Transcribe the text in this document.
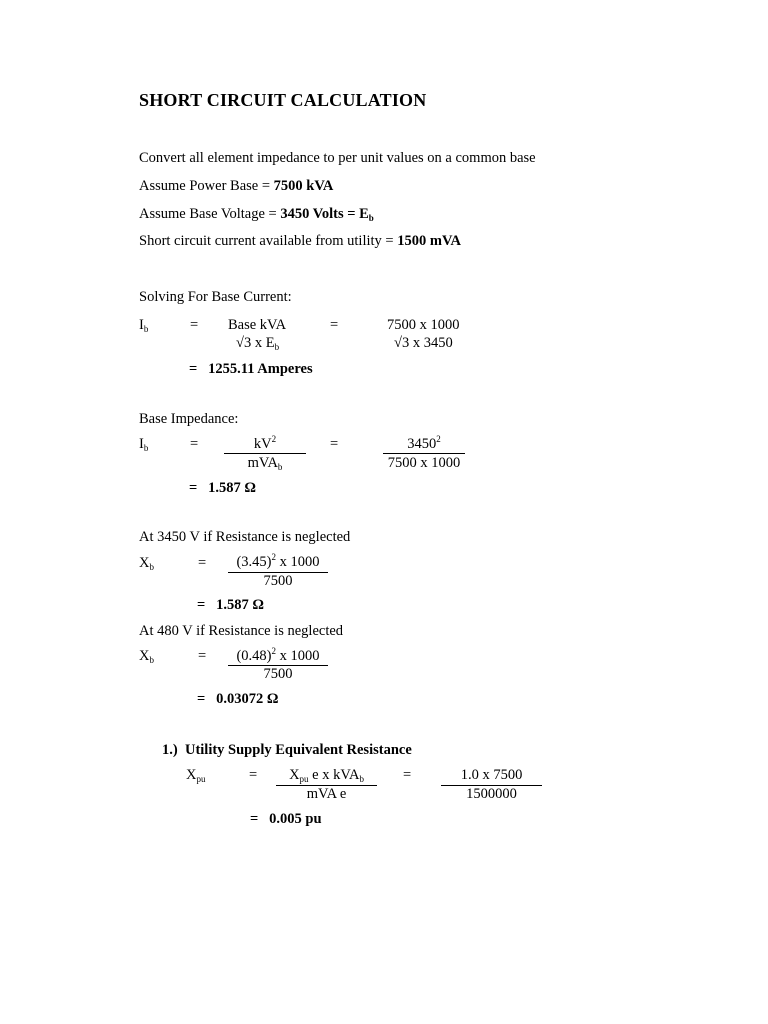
SHORT CIRCUIT CALCULATION
Convert all element impedance to per unit values on a common base
Assume Power Base = 7500 kVA
Assume Base Voltage = 3450 Volts = $E_b$
Short circuit current available from utility = 1500 mVA
Solving For Base Current:
$I_b$	= Base kVA
√3 x $E_b$
=	7500 x 1000
√3 x 3450
= 1255.11 Amperes
Base Impedance:
$I_b$	=	$kV^2$
mVA$_b$
=	$3450^2$
7500 x 1000
= 1.587 Ω
At 3450 V if Resistance is neglected
$X_b$	=	$(3.45)^2$ x 1000
7500
= 1.587 Ω
At 480 V if Resistance is neglected
$X_b$	=	$(0.48)^2$ x 1000
7500
= 0.03072 Ω
1.) Utility Supply Equivalent Resistance
$X_{pu}$	=	$X_{pu}$ e x kVA$_b$
mVA e
=	1.0 x 7500
1500000
= 0.005 pu
